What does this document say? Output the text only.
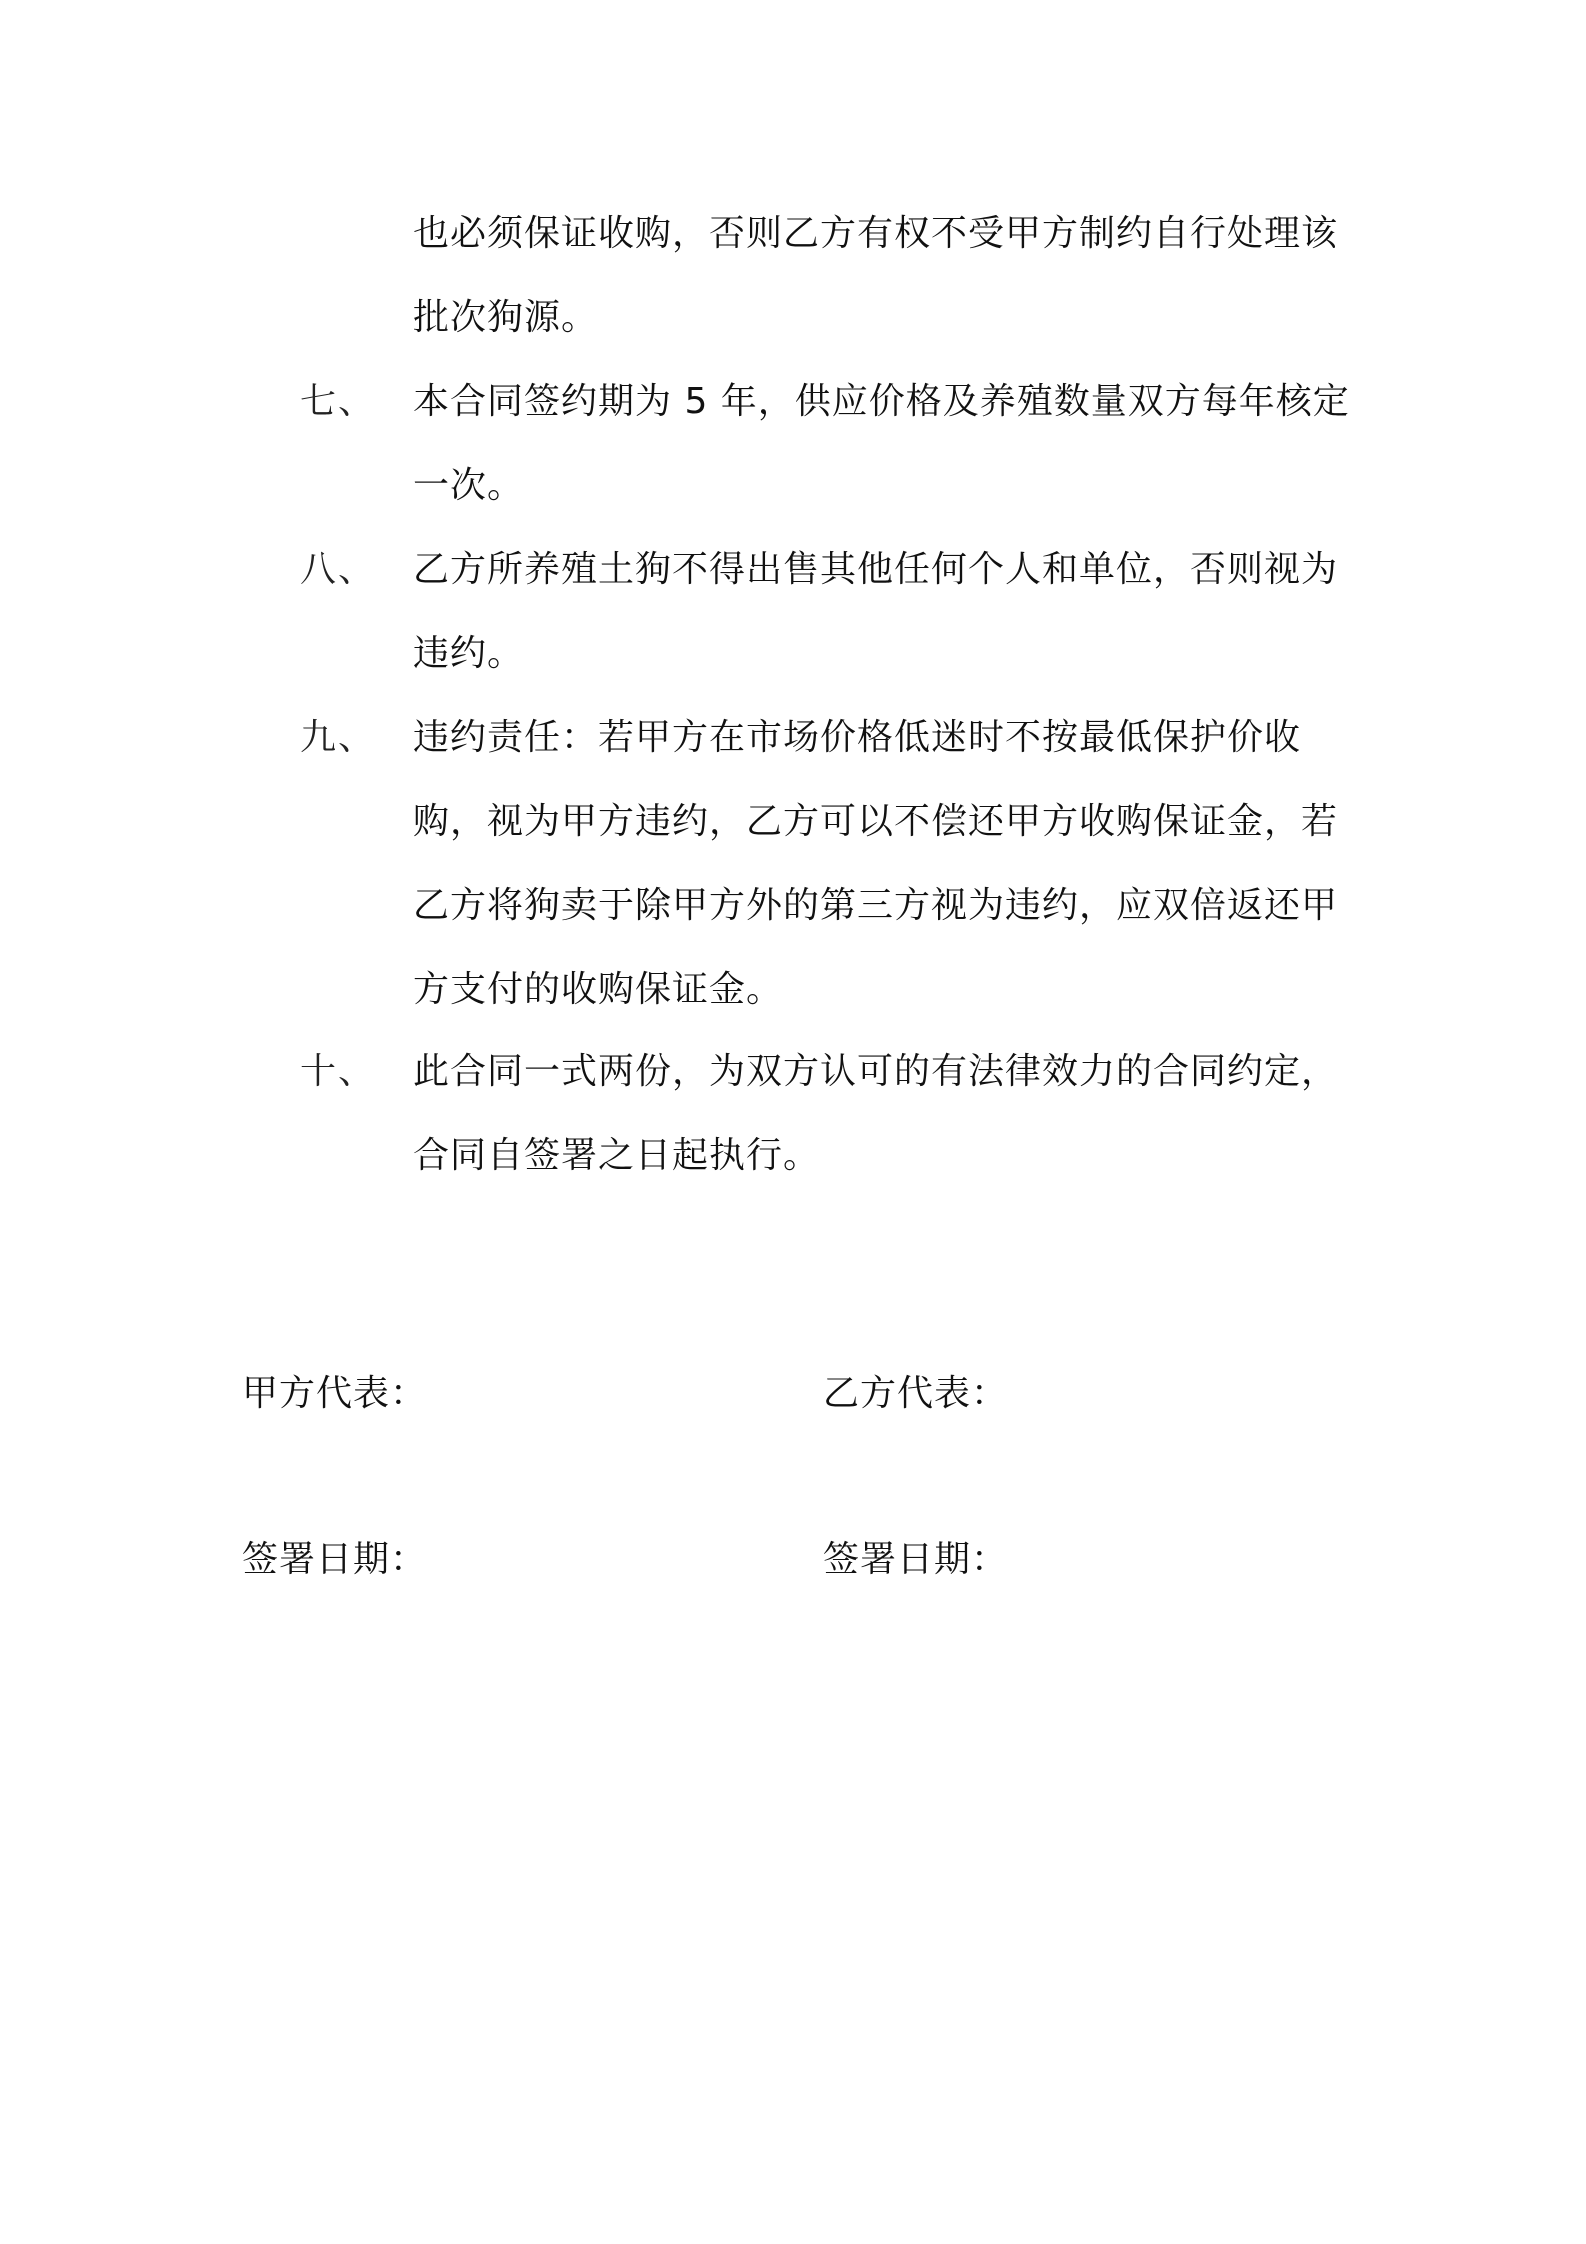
也必须保证收购，否则乙方有权不受甲方制约自行处理该批次狗源。
七、	本合同签约期为 5 年，供应价格及养殖数量双方每年核定一次。
八、	乙方所养殖土狗不得出售其他任何个人和单位，否则视为违约。
九、	违约责任：若甲方在市场价格低迷时不按最低保护价收购，视为甲方违约，乙方可以不偿还甲方收购保证金，若乙方将狗卖于除甲方外的第三方视为违约，应双倍返还甲方支付的收购保证金。
十、	此合同一式两份，为双方认可的有法律效力的合同约定，合同自签署之日起执行。
甲方代表：	乙方代表：
签署日期：	签署日期：
